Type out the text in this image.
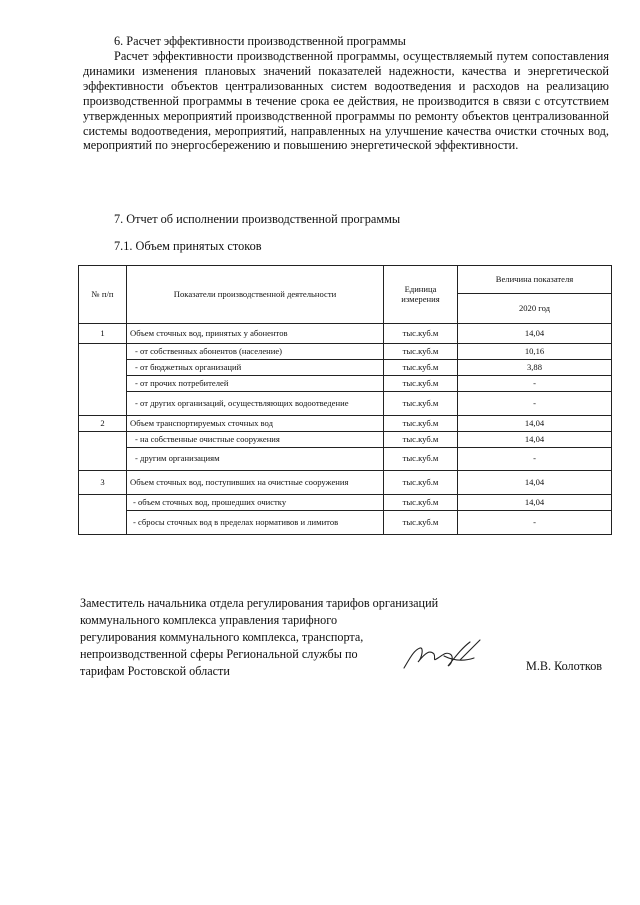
6. Расчет эффективности производственной программы
Расчет эффективности производственной программы, осуществляемый путем сопоставления динамики изменения плановых значений показателей надежности, качества и энергетической эффективности объектов централизованных систем водоотведения и расходов на реализацию производственной программы в течение срока ее действия, не производится в связи с отсутствием утвержденных мероприятий производственной программы по ремонту объектов централизованной системы водоотведения, мероприятий, направленных на улучшение качества очистки сточных вод, мероприятий по энергосбережению и повышению энергетической эффективности.
7. Отчет об исполнении производственной программы
7.1. Объем принятых стоков
№ п/п	Показатели производственной деятельности	Единица измерения	Величина показателя
			2020 год
1	Объем сточных вод, принятых у абонентов	тыс.куб.м	14,04
	- от собственных абонентов (население)	тыс.куб.м	10,16
	- от бюджетных организаций	тыс.куб.м	3,88
	- от прочих потребителей	тыс.куб.м	-
	- от других организаций, осуществляющих водоотведение	тыс.куб.м	-
2	Объем транспортируемых сточных вод	тыс.куб.м	14,04
	- на собственные очистные сооружения	тыс.куб.м	14,04
	- другим организациям	тыс.куб.м	-
3	Объем сточных вод, поступивших на очистные сооружения	тыс.куб.м	14,04
	- объем сточных вод, прошедших очистку	тыс.куб.м	14,04
	- сбросы сточных вод в пределах нормативов и лимитов	тыс.куб.м	-
Заместитель начальника отдела регулирования тарифов организаций
коммунального комплекса управления тарифного
регулирования коммунального комплекса, транспорта,
непроизводственной сферы Региональной службы по
тарифам Ростовской области	М.В. Колотков
